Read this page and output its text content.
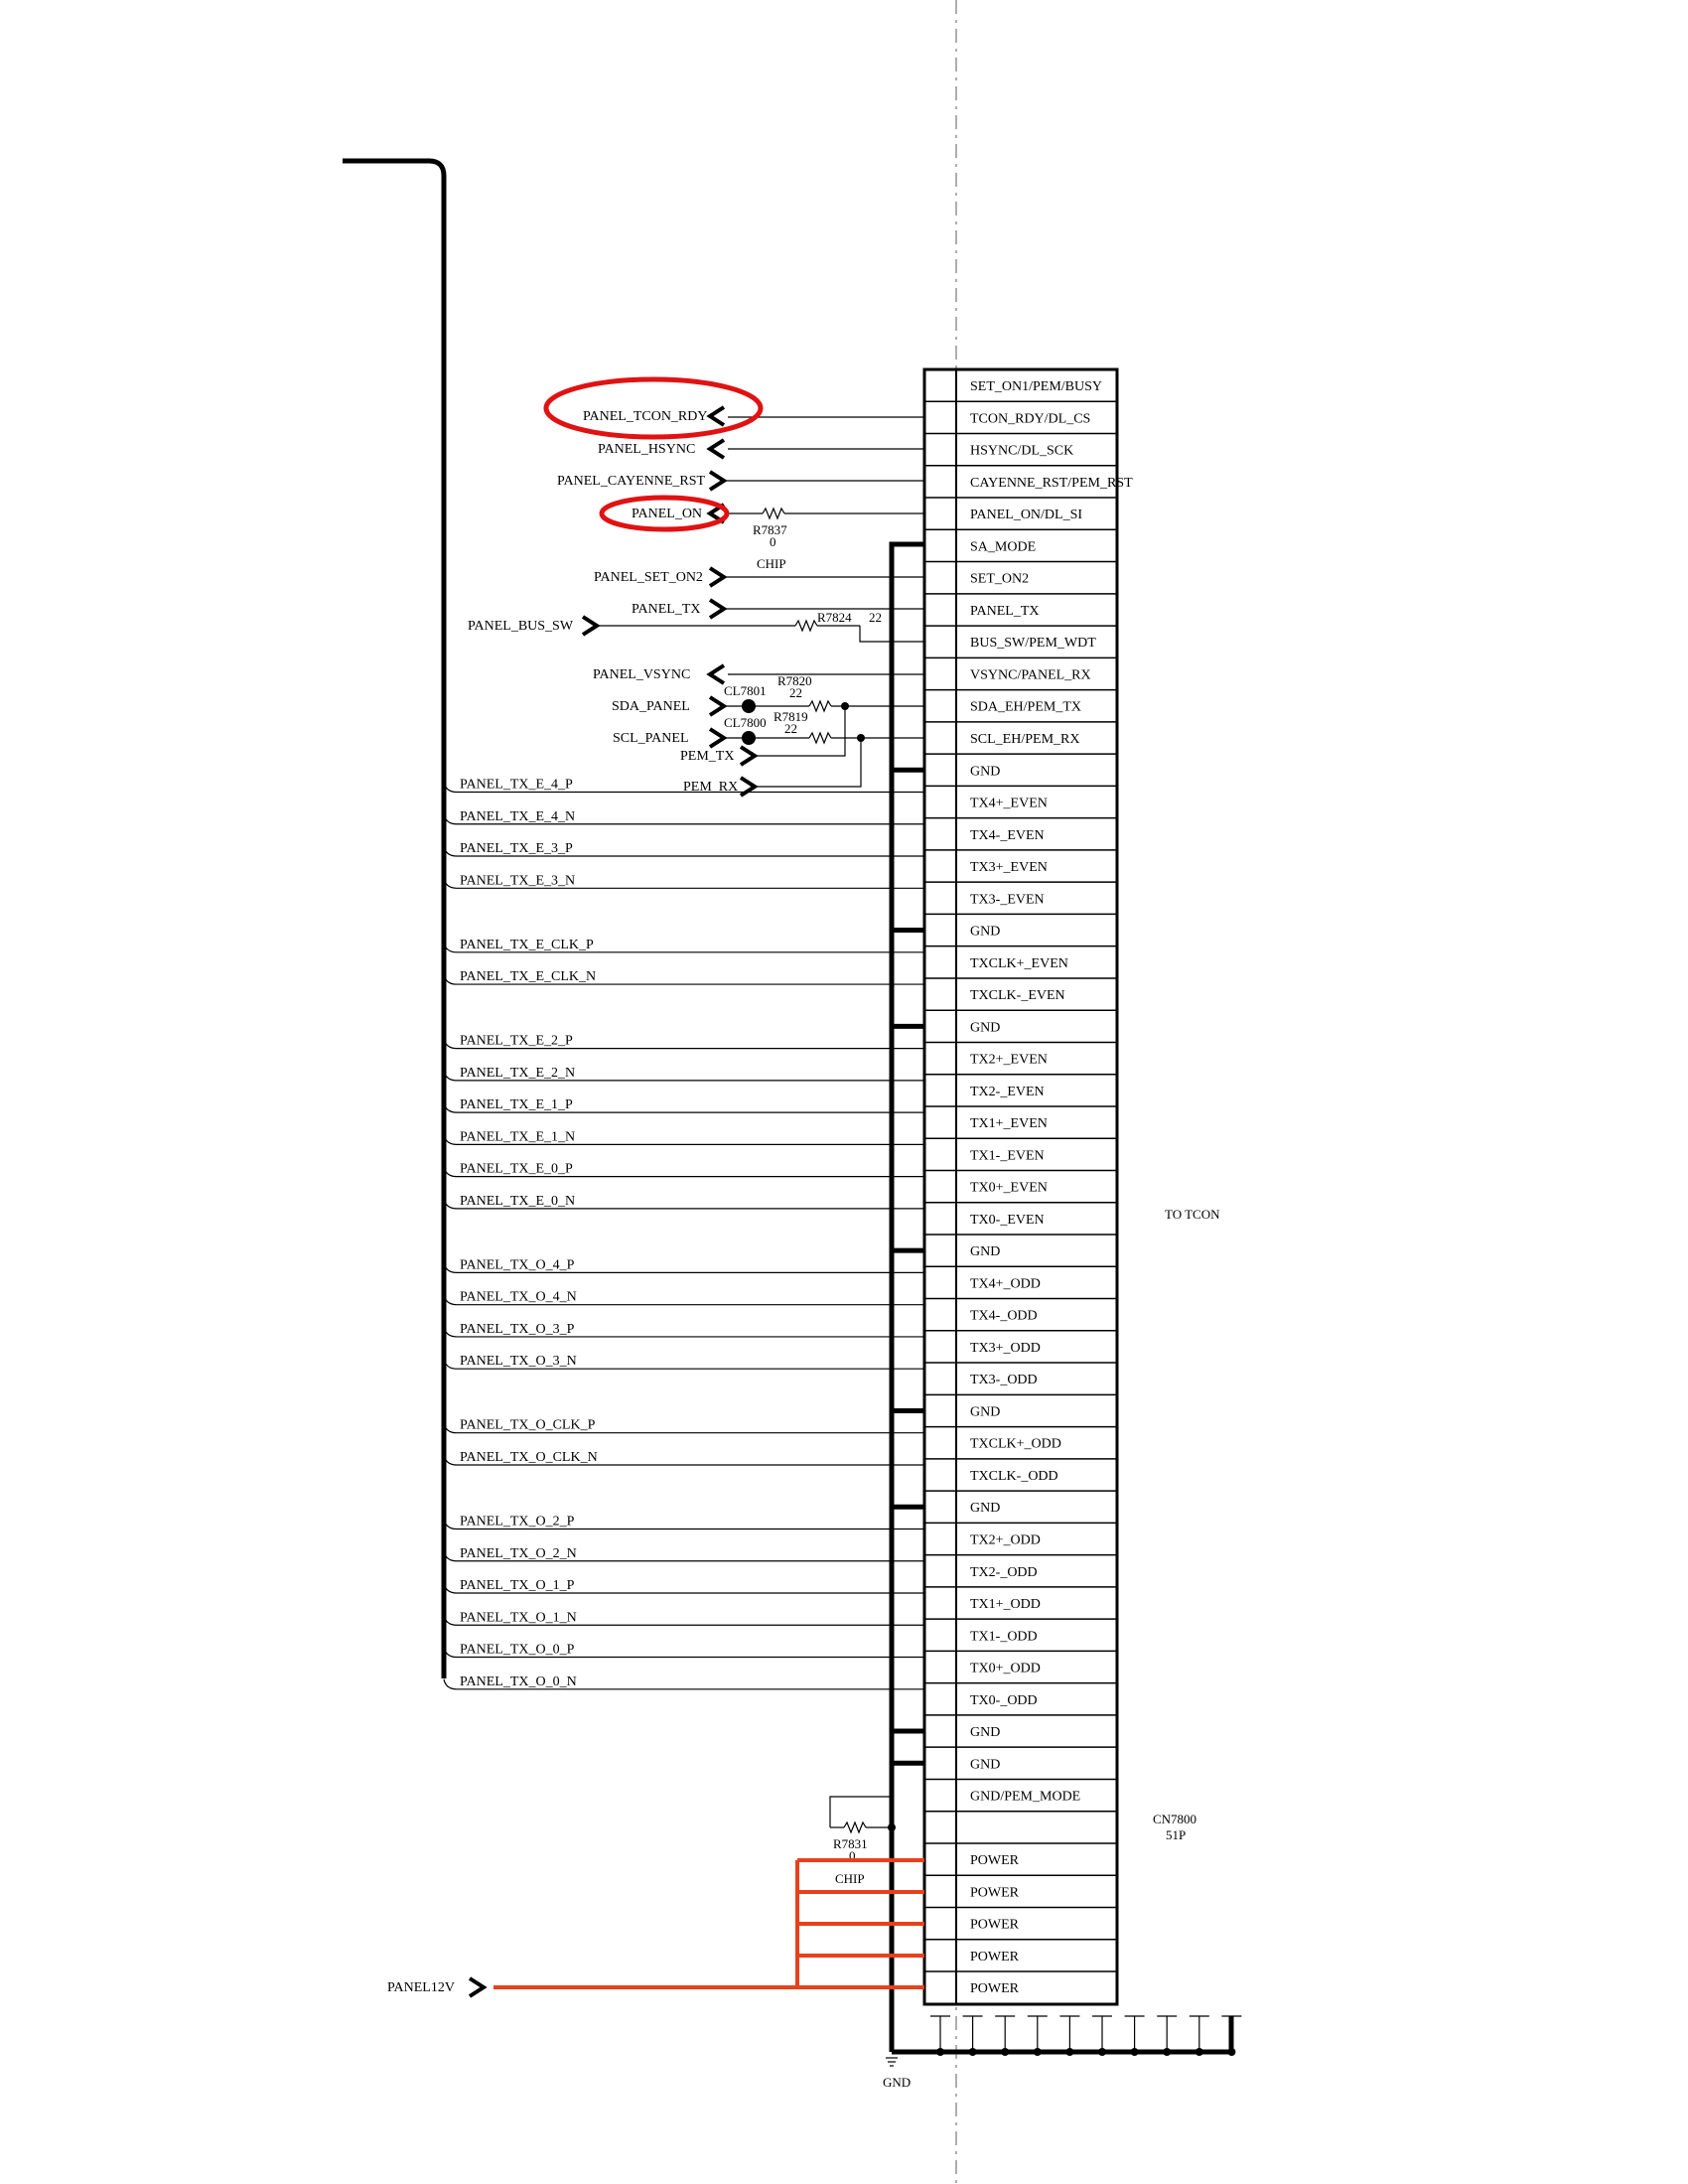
SET_ON1/PEM/BUSY
TCON_RDY/DL_CS
HSYNC/DL_SCK
CAYENNE_RST/PEM_RST
PANEL_ON/DL_SI
SA_MODE
SET_ON2
PANEL_TX
BUS_SW/PEM_WDT
VSYNC/PANEL_RX
SDA_EH/PEM_TX
SCL_EH/PEM_RX
GND
TX4+_EVEN
TX4-_EVEN
TX3+_EVEN
TX3-_EVEN
GND
TXCLK+_EVEN
TXCLK-_EVEN
GND
TX2+_EVEN
TX2-_EVEN
TX1+_EVEN
TX1-_EVEN
TX0+_EVEN
TX0-_EVEN
GND
TX4+_ODD
TX4-_ODD
TX3+_ODD
TX3-_ODD
GND
TXCLK+_ODD
TXCLK-_ODD
GND
TX2+_ODD
TX2-_ODD
TX1+_ODD
TX1-_ODD
TX0+_ODD
TX0-_ODD
GND
GND
GND/PEM_MODE
POWER
POWER
POWER
POWER
POWER
GND
CN7800
51P
TO TCON
PANEL_TX_E_4_P
PANEL_TX_E_4_N
PANEL_TX_E_3_P
PANEL_TX_E_3_N
PANEL_TX_E_CLK_P
PANEL_TX_E_CLK_N
PANEL_TX_E_2_P
PANEL_TX_E_2_N
PANEL_TX_E_1_P
PANEL_TX_E_1_N
PANEL_TX_E_0_P
PANEL_TX_E_0_N
PANEL_TX_O_4_P
PANEL_TX_O_4_N
PANEL_TX_O_3_P
PANEL_TX_O_3_N
PANEL_TX_O_CLK_P
PANEL_TX_O_CLK_N
PANEL_TX_O_2_P
PANEL_TX_O_2_N
PANEL_TX_O_1_P
PANEL_TX_O_1_N
PANEL_TX_O_0_P
PANEL_TX_O_0_N
PANEL_TCON_RDY
PANEL_HSYNC
PANEL_CAYENNE_RST
PANEL_ON
R7837
0
CHIP
PANEL_SET_ON2
PANEL_TX
PANEL_BUS_SW
R7824 22
PANEL_VSYNC
SDA_PANEL
CL7801
R7820
22
SCL_PANEL
CL7800 R7819
22
PEM_TX
PEM_RX
R7831
0
CHIP
PANEL12V
